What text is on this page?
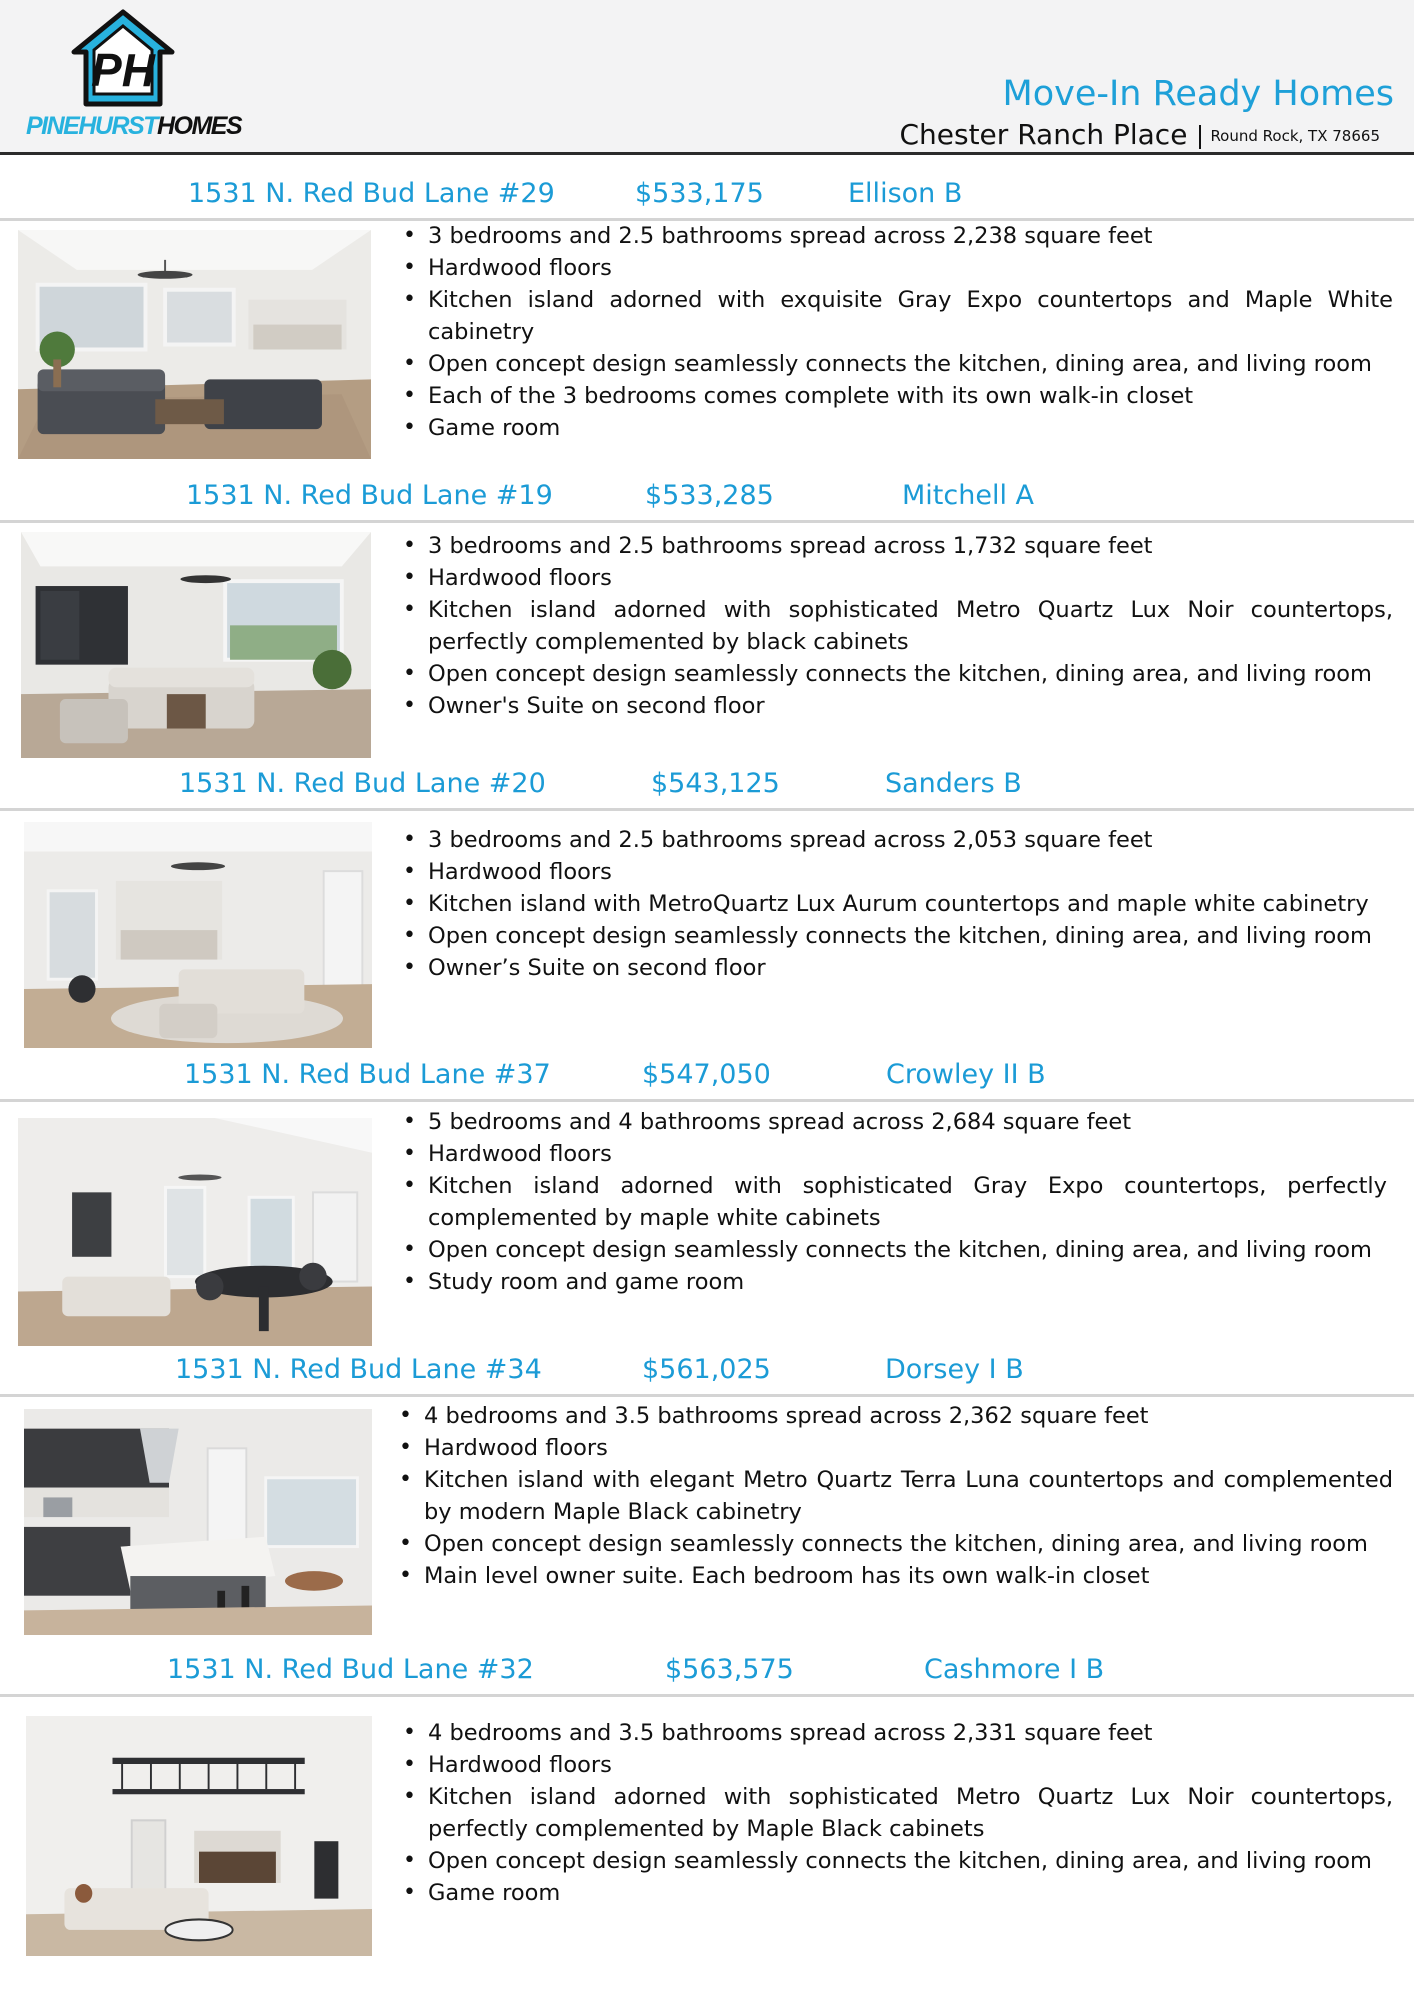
PH
PINEHURSTHOMES
Move-In Ready Homes
Chester Ranch Place Round Rock, TX 78665
1531 N. Red Bud Lane #29	$533,175	Ellison B
• 3 bedrooms and 2.5 bathrooms spread across 2,238 square feet
• Hardwood floors
• Kitchen island adorned with exquisite Gray Expo countertops and Maple White cabinetry
• Open concept design seamlessly connects the kitchen, dining area, and living room
• Each of the 3 bedrooms comes complete with its own walk-in closet
• Game room
1531 N. Red Bud Lane #19	$533,285	Mitchell A
• 3 bedrooms and 2.5 bathrooms spread across 1,732 square feet
• Hardwood floors
• Kitchen island adorned with sophisticated Metro Quartz Lux Noir countertops, perfectly complemented by black cabinets
• Open concept design seamlessly connects the kitchen, dining area, and living room
• Owner's Suite on second floor
1531 N. Red Bud Lane #20	$543,125	Sanders B
• 3 bedrooms and 2.5 bathrooms spread across 2,053 square feet
• Hardwood floors
• Kitchen island with MetroQuartz Lux Aurum countertops and maple white cabinetry
• Open concept design seamlessly connects the kitchen, dining area, and living room
• Owner’s Suite on second floor
1531 N. Red Bud Lane #37	$547,050	Crowley II B
• 5 bedrooms and 4 bathrooms spread across 2,684 square feet
• Hardwood floors
• Kitchen island adorned with sophisticated Gray Expo countertops, perfectly complemented by maple white cabinets
• Open concept design seamlessly connects the kitchen, dining area, and living room
• Study room and game room
1531 N. Red Bud Lane #34	$561,025	Dorsey I B
• 4 bedrooms and 3.5 bathrooms spread across 2,362 square feet
• Hardwood floors
• Kitchen island with elegant Metro Quartz Terra Luna countertops and complemented by modern Maple Black cabinetry
• Open concept design seamlessly connects the kitchen, dining area, and living room
• Main level owner suite. Each bedroom has its own walk-in closet
1531 N. Red Bud Lane #32	$563,575	Cashmore I B
• 4 bedrooms and 3.5 bathrooms spread across 2,331 square feet
• Hardwood floors
• Kitchen island adorned with sophisticated Metro Quartz Lux Noir countertops, perfectly complemented by Maple Black cabinets
• Open concept design seamlessly connects the kitchen, dining area, and living room
• Game room
